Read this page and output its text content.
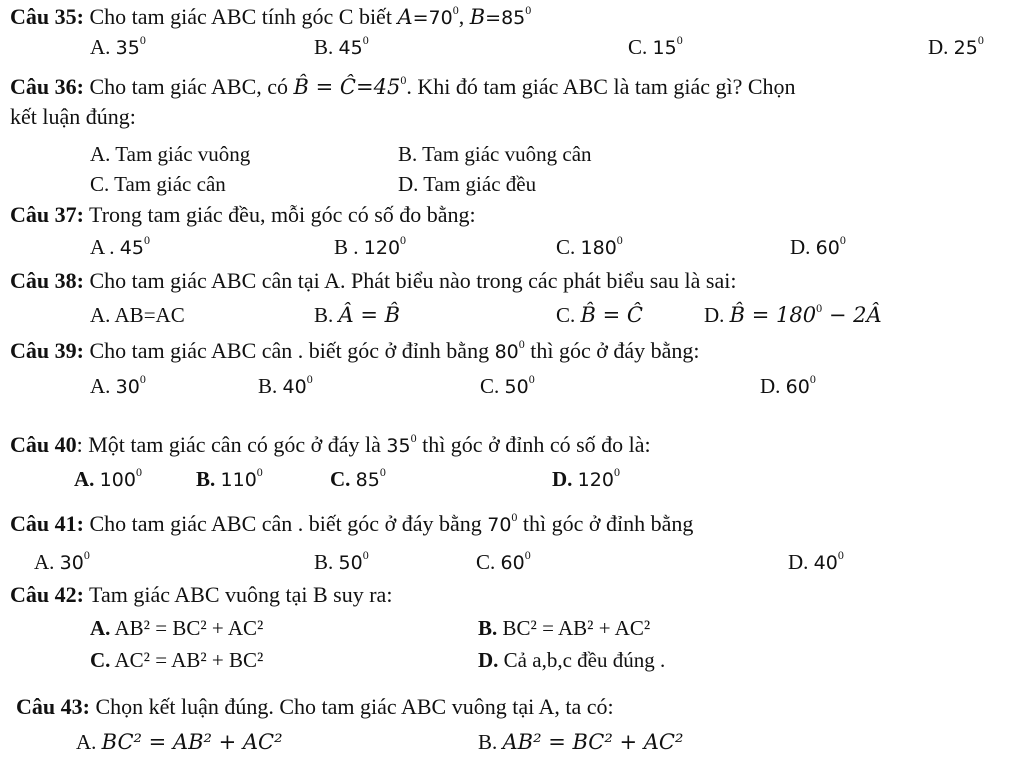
Câu 35: Cho tam giác ABC tính góc C biết $A=70^0$, $B=85^0$
A. $35^0$	B. $45^0$	C. $15^0$	D. $25^0$
Câu 36: Cho tam giác ABC, có B̂ = $Ĉ=45^0$. Khi đó tam giác ABC là tam giác gì? Chọn
kết luận đúng:
A. Tam giác vuông	B. Tam giác vuông cân
C. Tam giác cân	D. Tam giác đều
Câu 37: Trong tam giác đều, mỗi góc có số đo bằng:
A . $45^0$	B . $120^0$	C. $180^0$	D. $60^0$
Câu 38: Cho tam giác ABC cân tại A. Phát biểu nào trong các phát biểu sau là sai:
A. AB=AC	B. Â = B̂	C. B̂ = Ĉ	D. B̂ = $180^0$ − 2Â
Câu 39: Cho tam giác ABC cân . biết góc ở đỉnh bằng $80^0$ thì góc ở đáy bằng:
A. $30^0$	B. $40^0$	C. $50^0$	D. $60^0$
Câu 40: Một tam giác cân có góc ở đáy là $35^0$ thì góc ở đỉnh có số đo là:
A. $100^0$	B. $110^0$	C. $85^0$	D. $120^0$
Câu 41: Cho tam giác ABC cân . biết góc ở đáy bằng $70^0$ thì góc ở đỉnh bằng
A. $30^0$	B. $50^0$	C. $60^0$	D. $40^0$
Câu 42: Tam giác ABC vuông tại B suy ra:
A. AB² = BC² + AC²	B. BC² = AB² + AC²
C. AC² = AB² + BC²	D. Cả a,b,c đều đúng .
Câu 43: Chọn kết luận đúng. Cho tam giác ABC vuông tại A, ta có:
A. BC² = AB² + AC²	B. AB² = BC² + AC²
